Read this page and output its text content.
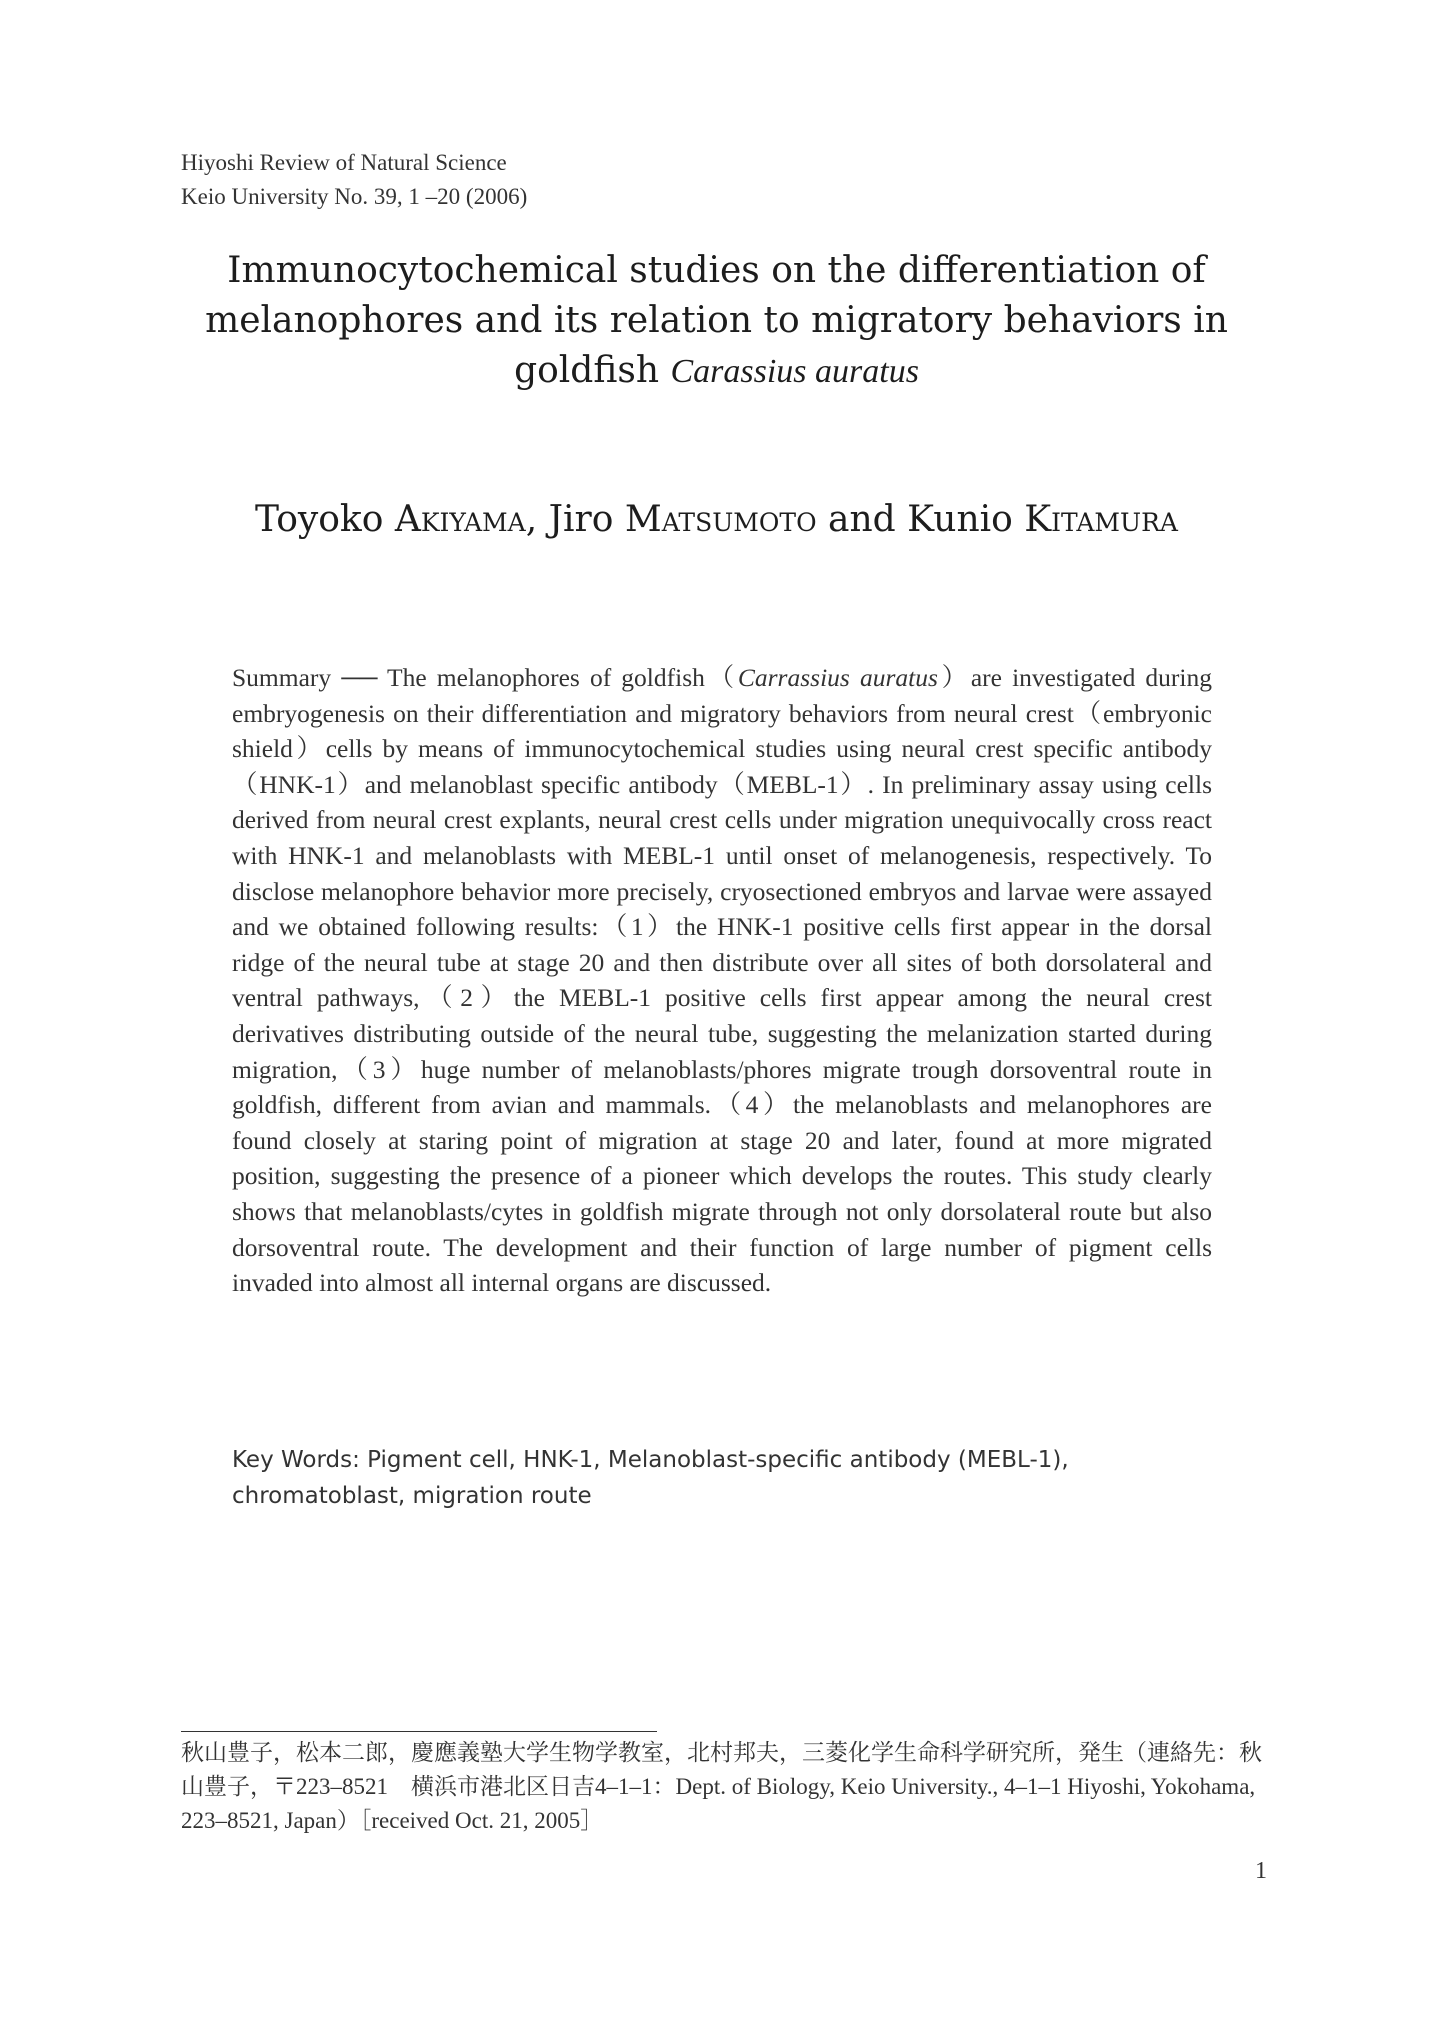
Hiyoshi Review of Natural Science
Keio University No. 39, 1 –20 (2006)
Immunocytochemical studies on the differentiation of melanophores and its relation to migratory behaviors in goldfish Carassius auratus
Toyoko Akiyama, Jiro Matsumoto and Kunio Kitamura
Summary ── The melanophores of goldfish（Carrassius auratus）are investigated during embryogenesis on their differentiation and migratory behaviors from neural crest（embryonic shield）cells by means of immunocytochemical studies using neural crest specific antibody（HNK-1）and melanoblast specific antibody（MEBL-1）. In preliminary assay using cells derived from neural crest explants, neural crest cells under migration unequivocally cross react with HNK-1 and melanoblasts with MEBL-1 until onset of melanogenesis, respectively. To disclose melanophore behavior more precisely, cryosectioned embryos and larvae were assayed and we obtained following results:（1）the HNK-1 positive cells first appear in the dorsal ridge of the neural tube at stage 20 and then distribute over all sites of both dorsolateral and ventral pathways,（2）the MEBL-1 positive cells first appear among the neural crest derivatives distributing outside of the neural tube, suggesting the melanization started during migration,（3）huge number of melanoblasts/phores migrate trough dorsoventral route in goldfish, different from avian and mammals.（4）the melanoblasts and melanophores are found closely at staring point of migration at stage 20 and later, found at more migrated position, suggesting the presence of a pioneer which develops the routes. This study clearly shows that melanoblasts/cytes in goldfish migrate through not only dorsolateral route but also dorsoventral route. The development and their function of large number of pigment cells invaded into almost all internal organs are discussed.
Key Words: Pigment cell, HNK-1, Melanoblast-specific antibody (MEBL-1), chromatoblast, migration route
秋山豊子，松本二郎，慶應義塾大学生物学教室，北村邦夫，三菱化学生命科学研究所，発生（連絡先：秋山豊子，〒223–8521　横浜市港北区日吉4–1–1：Dept. of Biology, Keio University., 4–1–1 Hiyoshi, Yokohama, 223–8521, Japan）［received Oct. 21, 2005］
1
